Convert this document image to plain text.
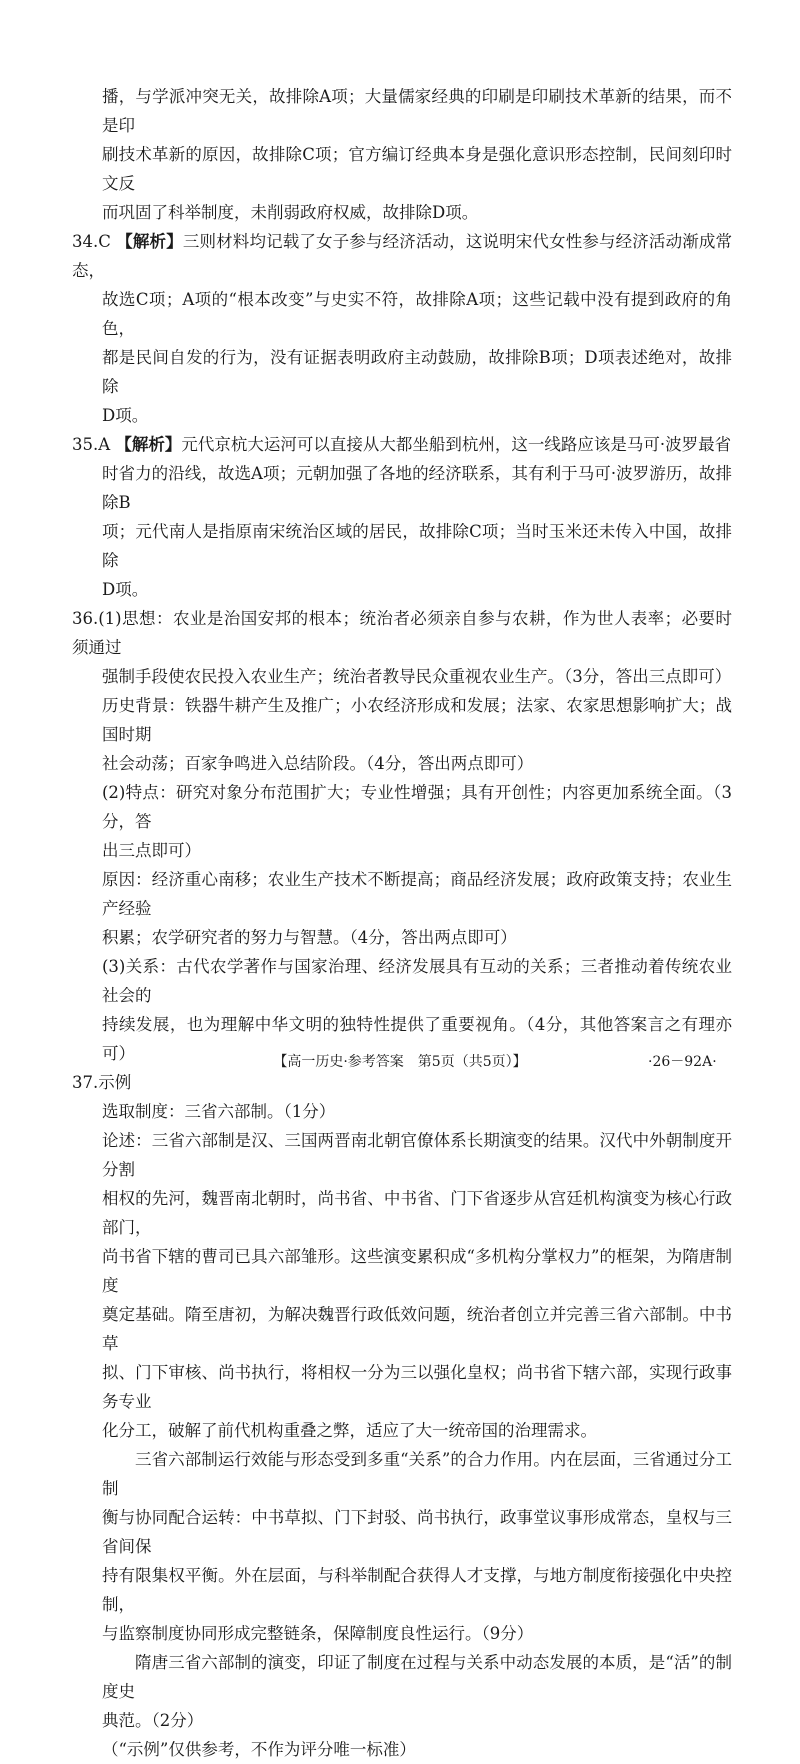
播，与学派冲突无关，故排除A项；大量儒家经典的印刷是印刷技术革新的结果，而不是印
刷技术革新的原因，故排除C项；官方编订经典本身是强化意识形态控制，民间刻印时文反
而巩固了科举制度，未削弱政府权威，故排除D项。
34.C 【解析】三则材料均记载了女子参与经济活动，这说明宋代女性参与经济活动渐成常态，
故选C项；A项的“根本改变”与史实不符，故排除A项；这些记载中没有提到政府的角色，
都是民间自发的行为，没有证据表明政府主动鼓励，故排除B项；D项表述绝对，故排除
D项。
35.A 【解析】元代京杭大运河可以直接从大都坐船到杭州，这一线路应该是马可·波罗最省
时省力的沿线，故选A项；元朝加强了各地的经济联系，其有利于马可·波罗游历，故排除B
项；元代南人是指原南宋统治区域的居民，故排除C项；当时玉米还未传入中国，故排除
D项。
36.(1)思想：农业是治国安邦的根本；统治者必须亲自参与农耕，作为世人表率；必要时须通过
强制手段使农民投入农业生产；统治者教导民众重视农业生产。（3分，答出三点即可）
历史背景：铁器牛耕产生及推广；小农经济形成和发展；法家、农家思想影响扩大；战国时期
社会动荡；百家争鸣进入总结阶段。（4分，答出两点即可）
(2)特点：研究对象分布范围扩大；专业性增强；具有开创性；内容更加系统全面。（3分，答
出三点即可）
原因：经济重心南移；农业生产技术不断提高；商品经济发展；政府政策支持；农业生产经验
积累；农学研究者的努力与智慧。（4分，答出两点即可）
(3)关系：古代农学著作与国家治理、经济发展具有互动的关系；三者推动着传统农业社会的
持续发展，也为理解中华文明的独特性提供了重要视角。（4分，其他答案言之有理亦可）
37.示例
选取制度：三省六部制。（1分）
论述：三省六部制是汉、三国两晋南北朝官僚体系长期演变的结果。汉代中外朝制度开分割
相权的先河，魏晋南北朝时，尚书省、中书省、门下省逐步从宫廷机构演变为核心行政部门，
尚书省下辖的曹司已具六部雏形。这些演变累积成“多机构分掌权力”的框架，为隋唐制度
奠定基础。隋至唐初，为解决魏晋行政低效问题，统治者创立并完善三省六部制。中书草
拟、门下审核、尚书执行，将相权一分为三以强化皇权；尚书省下辖六部，实现行政事务专业
化分工，破解了前代机构重叠之弊，适应了大一统帝国的治理需求。
三省六部制运行效能与形态受到多重“关系”的合力作用。内在层面，三省通过分工制
衡与协同配合运转：中书草拟、门下封驳、尚书执行，政事堂议事形成常态，皇权与三省间保
持有限集权平衡。外在层面，与科举制配合获得人才支撑，与地方制度衔接强化中央控制，
与监察制度协同形成完整链条，保障制度良性运行。（9分）
隋唐三省六部制的演变，印证了制度在过程与关系中动态发展的本质，是“活”的制度史
典范。（2分）
（“示例”仅供参考，不作为评分唯一标准）
【高一历史·参考答案　第5页（共5页）】	·26－92A·
